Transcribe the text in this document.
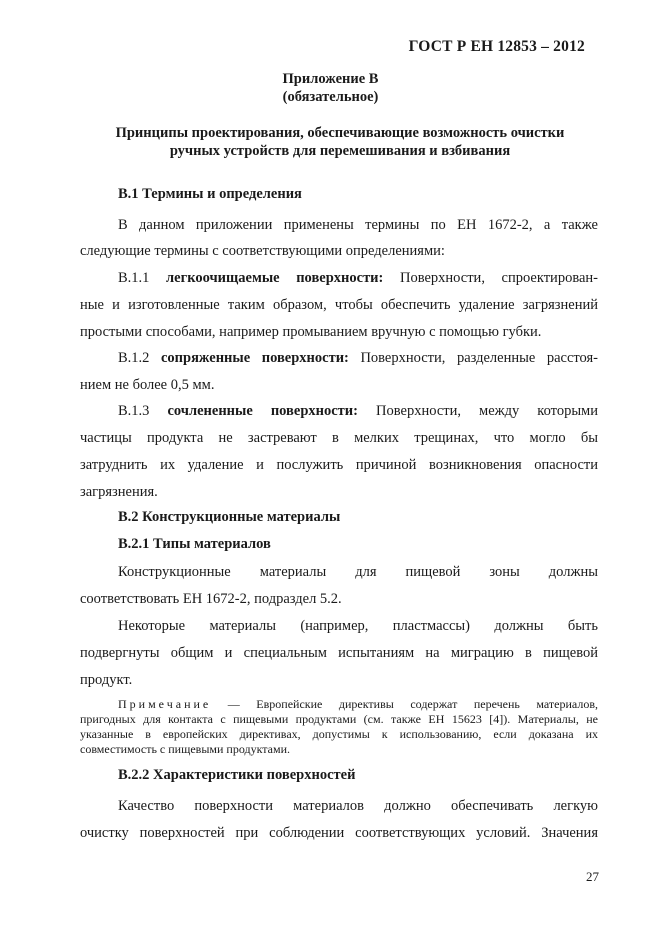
ГОСТ Р ЕН 12853 – 2012
Приложение В
(обязательное)
Принципы проектирования, обеспечивающие возможность очистки
ручных устройств для перемешивания и взбивания
В.1 Термины и определения
В данном приложении применены термины по ЕН 1672-2, а также
следующие термины с соответствующими определениями:
В.1.1 легкоочищаемые поверхности: Поверхности, спроектирован-
ные и изготовленные таким образом, чтобы обеспечить удаление загрязнений
простыми способами, например промыванием вручную с помощью губки.
В.1.2 сопряженные поверхности: Поверхности, разделенные расстоя-
нием не более 0,5 мм.
В.1.3 сочлененные поверхности: Поверхности, между которыми
частицы продукта не застревают в мелких трещинах, что могло бы
затруднить их удаление и послужить причиной возникновения опасности
загрязнения.
В.2 Конструкционные материалы
В.2.1 Типы материалов
Конструкционные материалы для пищевой зоны должны
соответствовать ЕН 1672-2, подраздел 5.2.
Некоторые материалы (например, пластмассы) должны быть
подвергнуты общим и специальным испытаниям на миграцию в пищевой
продукт.
Примечание — Европейские директивы содержат перечень материалов,
пригодных для контакта с пищевыми продуктами (см. также ЕН 15623 [4]). Материалы, не
указанные в европейских директивах, допустимы к использованию, если доказана их
совместимость с пищевыми продуктами.
В.2.2 Характеристики поверхностей
Качество поверхности материалов должно обеспечивать легкую
очистку поверхностей при соблюдении соответствующих условий. Значения
27
